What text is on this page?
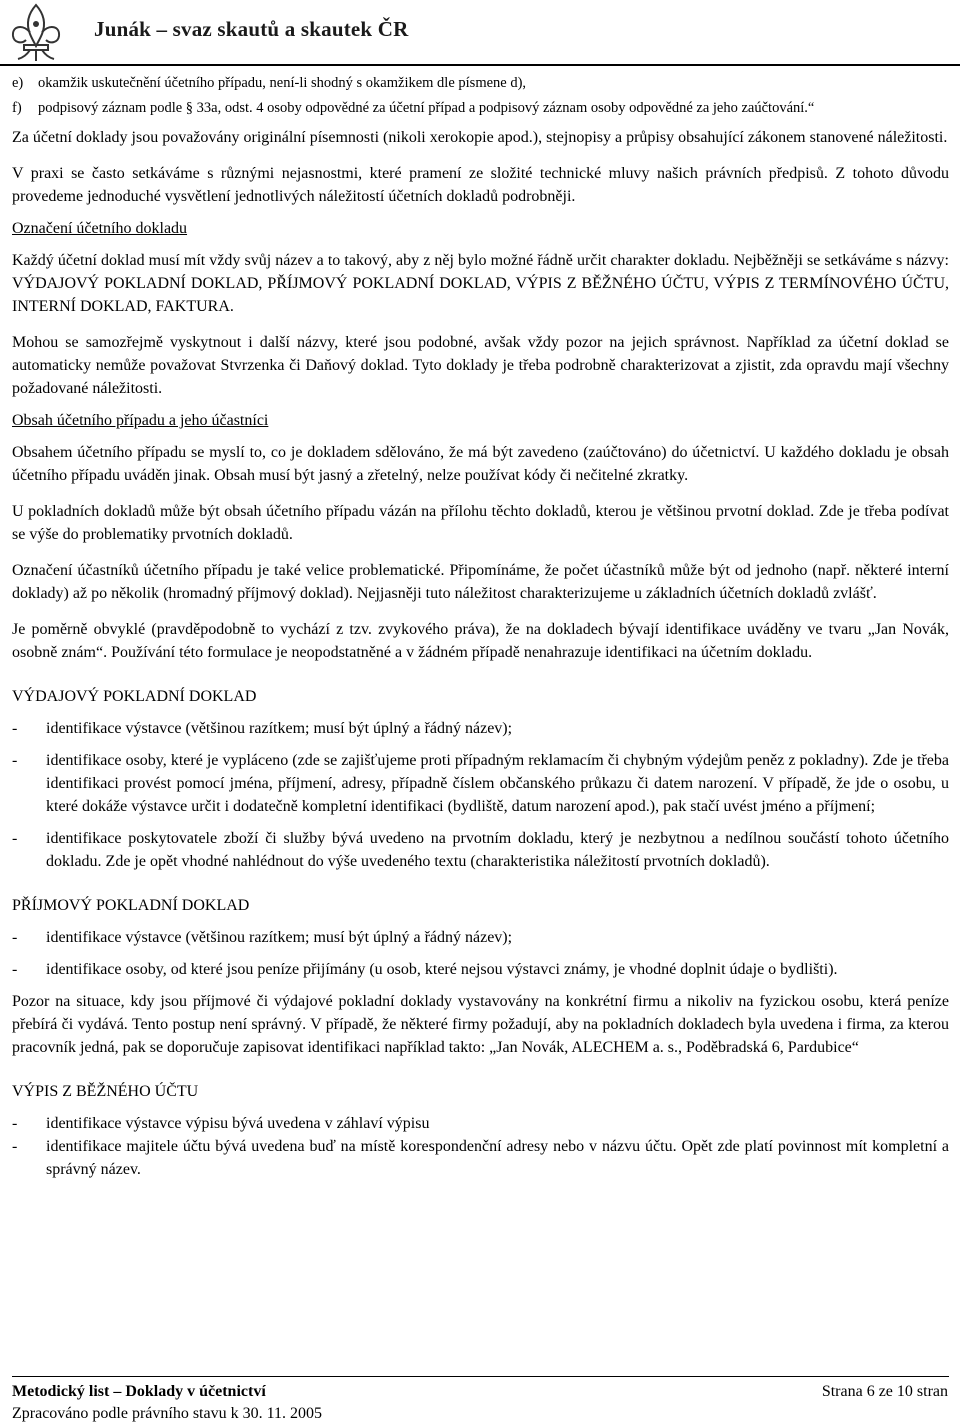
Junák – svaz skautů a skautek ČR
e)	okamžik uskutečnění účetního případu, není-li shodný s okamžikem dle písmene d),
f)	podpisový záznam podle § 33a, odst. 4 osoby odpovědné za účetní případ a podpisový záznam osoby odpovědné za jeho zaúčtování.“

Za účetní doklady jsou považovány originální písemnosti (nikoli xerokopie apod.), stejnopisy a průpisy obsahující zákonem stanovené náležitosti.

V praxi se často setkáváme s různými nejasnostmi, které pramení ze složité technické mluvy našich právních předpisů. Z tohoto důvodu provedeme jednoduché vysvětlení jednotlivých náležitostí účetních dokladů podrobněji.

Označení účetního dokladu

Každý účetní doklad musí mít vždy svůj název a to takový, aby z něj bylo možné řádně určit charakter dokladu. Nejběžněji se setkáváme s názvy: VÝDAJOVÝ POKLADNÍ DOKLAD, PŘÍJMOVÝ POKLADNÍ DOKLAD, VÝPIS Z BĚŽNÉHO ÚČTU, VÝPIS Z TERMÍNOVÉHO ÚČTU, INTERNÍ DOKLAD, FAKTURA.

Mohou se samozřejmě vyskytnout i další názvy, které jsou podobné, avšak vždy pozor na jejich správnost. Například za účetní doklad se automaticky nemůže považovat Stvrzenka či Daňový doklad. Tyto doklady je třeba podrobně charakterizovat a zjistit, zda opravdu mají všechny požadované náležitosti.

Obsah účetního případu a jeho účastníci

Obsahem účetního případu se myslí to, co je dokladem sdělováno, že má být zavedeno (zaúčtováno) do účetnictví. U každého dokladu je obsah účetního případu uváděn jinak. Obsah musí být jasný a zřetelný, nelze používat kódy či nečitelné zkratky.

U pokladních dokladů může být obsah účetního případu vázán na přílohu těchto dokladů, kterou je většinou prvotní doklad. Zde je třeba podívat se výše do problematiky prvotních dokladů.

Označení účastníků účetního případu je také velice problematické. Připomínáme, že počet účastníků může být od jednoho (např. některé interní doklady) až po několik (hromadný příjmový doklad). Nejjasněji tuto náležitost charakterizujeme u základních účetních dokladů zvlášť.

Je poměrně obvyklé (pravděpodobně to vychází z tzv. zvykového práva), že na dokladech bývají identifikace uváděny ve tvaru „Jan Novák, osobně znám“. Používání této formulace je neopodstatněné a v žádném případě nenahrazuje identifikaci na účetním dokladu.

VÝDAJOVÝ POKLADNÍ DOKLAD

-	identifikace výstavce (většinou razítkem; musí být úplný a řádný název);
-	identifikace osoby, které je vypláceno (zde se zajišťujeme proti případným reklamacím či chybným výdejům peněz z pokladny). Zde je třeba identifikaci provést pomocí jména, příjmení, adresy, případně číslem občanského průkazu či datem narození. V případě, že jde o osobu, u které dokáže výstavce určit i dodatečně kompletní identifikaci (bydliště, datum narození apod.), pak stačí uvést jméno a příjmení;
-	identifikace poskytovatele zboží či služby bývá uvedeno na prvotním dokladu, který je nezbytnou a nedílnou součástí tohoto účetního dokladu. Zde je opět vhodné nahlédnout do výše uvedeného textu (charakteristika náležitostí prvotních dokladů).

PŘÍJMOVÝ POKLADNÍ DOKLAD

-	identifikace výstavce (většinou razítkem; musí být úplný a řádný název);
-	identifikace osoby, od které jsou peníze přijímány (u osob, které nejsou výstavci známy, je vhodné doplnit údaje o bydlišti).

Pozor na situace, kdy jsou příjmové či výdajové pokladní doklady vystavovány na konkrétní firmu a nikoliv na fyzickou osobu, která peníze přebírá či vydává. Tento postup není správný. V případě, že některé firmy požadují, aby na pokladních dokladech byla uvedena i firma, za kterou pracovník jedná, pak se doporučuje zapisovat identifikaci například takto: „Jan Novák, ALECHEM a. s., Poděbradská 6, Pardubice“

VÝPIS Z BĚŽNÉHO ÚČTU

-	identifikace výstavce výpisu bývá uvedena v záhlaví výpisu
-	identifikace majitele účtu bývá uvedena buď na místě korespondenční adresy nebo v názvu účtu. Opět zde platí povinnost mít kompletní a správný název.
Metodický list – Doklady v účetnictví	Strana 6 ze 10 stran
Zpracováno podle právního stavu k 30. 11. 2005
